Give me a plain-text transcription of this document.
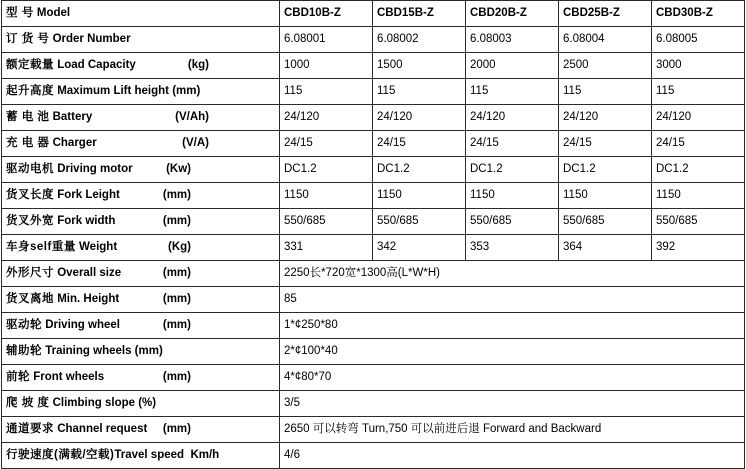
型 号 Model	CBD10B-Z	CBD15B-Z	CBD20B-Z	CBD25B-Z	CBD30B-Z

订 货 号 Order Number	6.08001	6.08002	6.08003	6.08004	6.08005

额定载量 Load Capacity (kg)	1000	1500	2000	2500	3000

起升高度 Maximum Lift height (mm)	115	115	115	115	115

蓄 电 池 Battery (V/Ah)	24/120	24/120	24/120	24/120	24/120

充 电 器 Charger (V/A)	24/15	24/15	24/15	24/15	24/15

驱动电机 Driving motor (Kw)	DC1.2	DC1.2	DC1.2	DC1.2	DC1.2

货叉长度 Fork Leight (mm)	1150	1150	1150	1150	1150

货叉外宽 Fork width (mm)	550/685	550/685	550/685	550/685	550/685

车身self重量 Weight (Kg)	331	342	353	364	392

外形尺寸 Overall size (mm)	2250长*720宽*1300高(L*W*H)				

货叉离地 Min. Height (mm)	85				

驱动轮 Driving wheel (mm)	1*¢250*80				

辅助轮 Training wheels (mm)	2*¢100*40				

前轮 Front wheels (mm)	4*¢80*70				

爬 坡 度 Climbing slope (%)	3/5				

通道要求 Channel request (mm)	2650 可以转弯 Turn,750 可以前进后退 Forward and Backward				

行驶速度(满载/空载)Travel speed Km/h	4/6				
